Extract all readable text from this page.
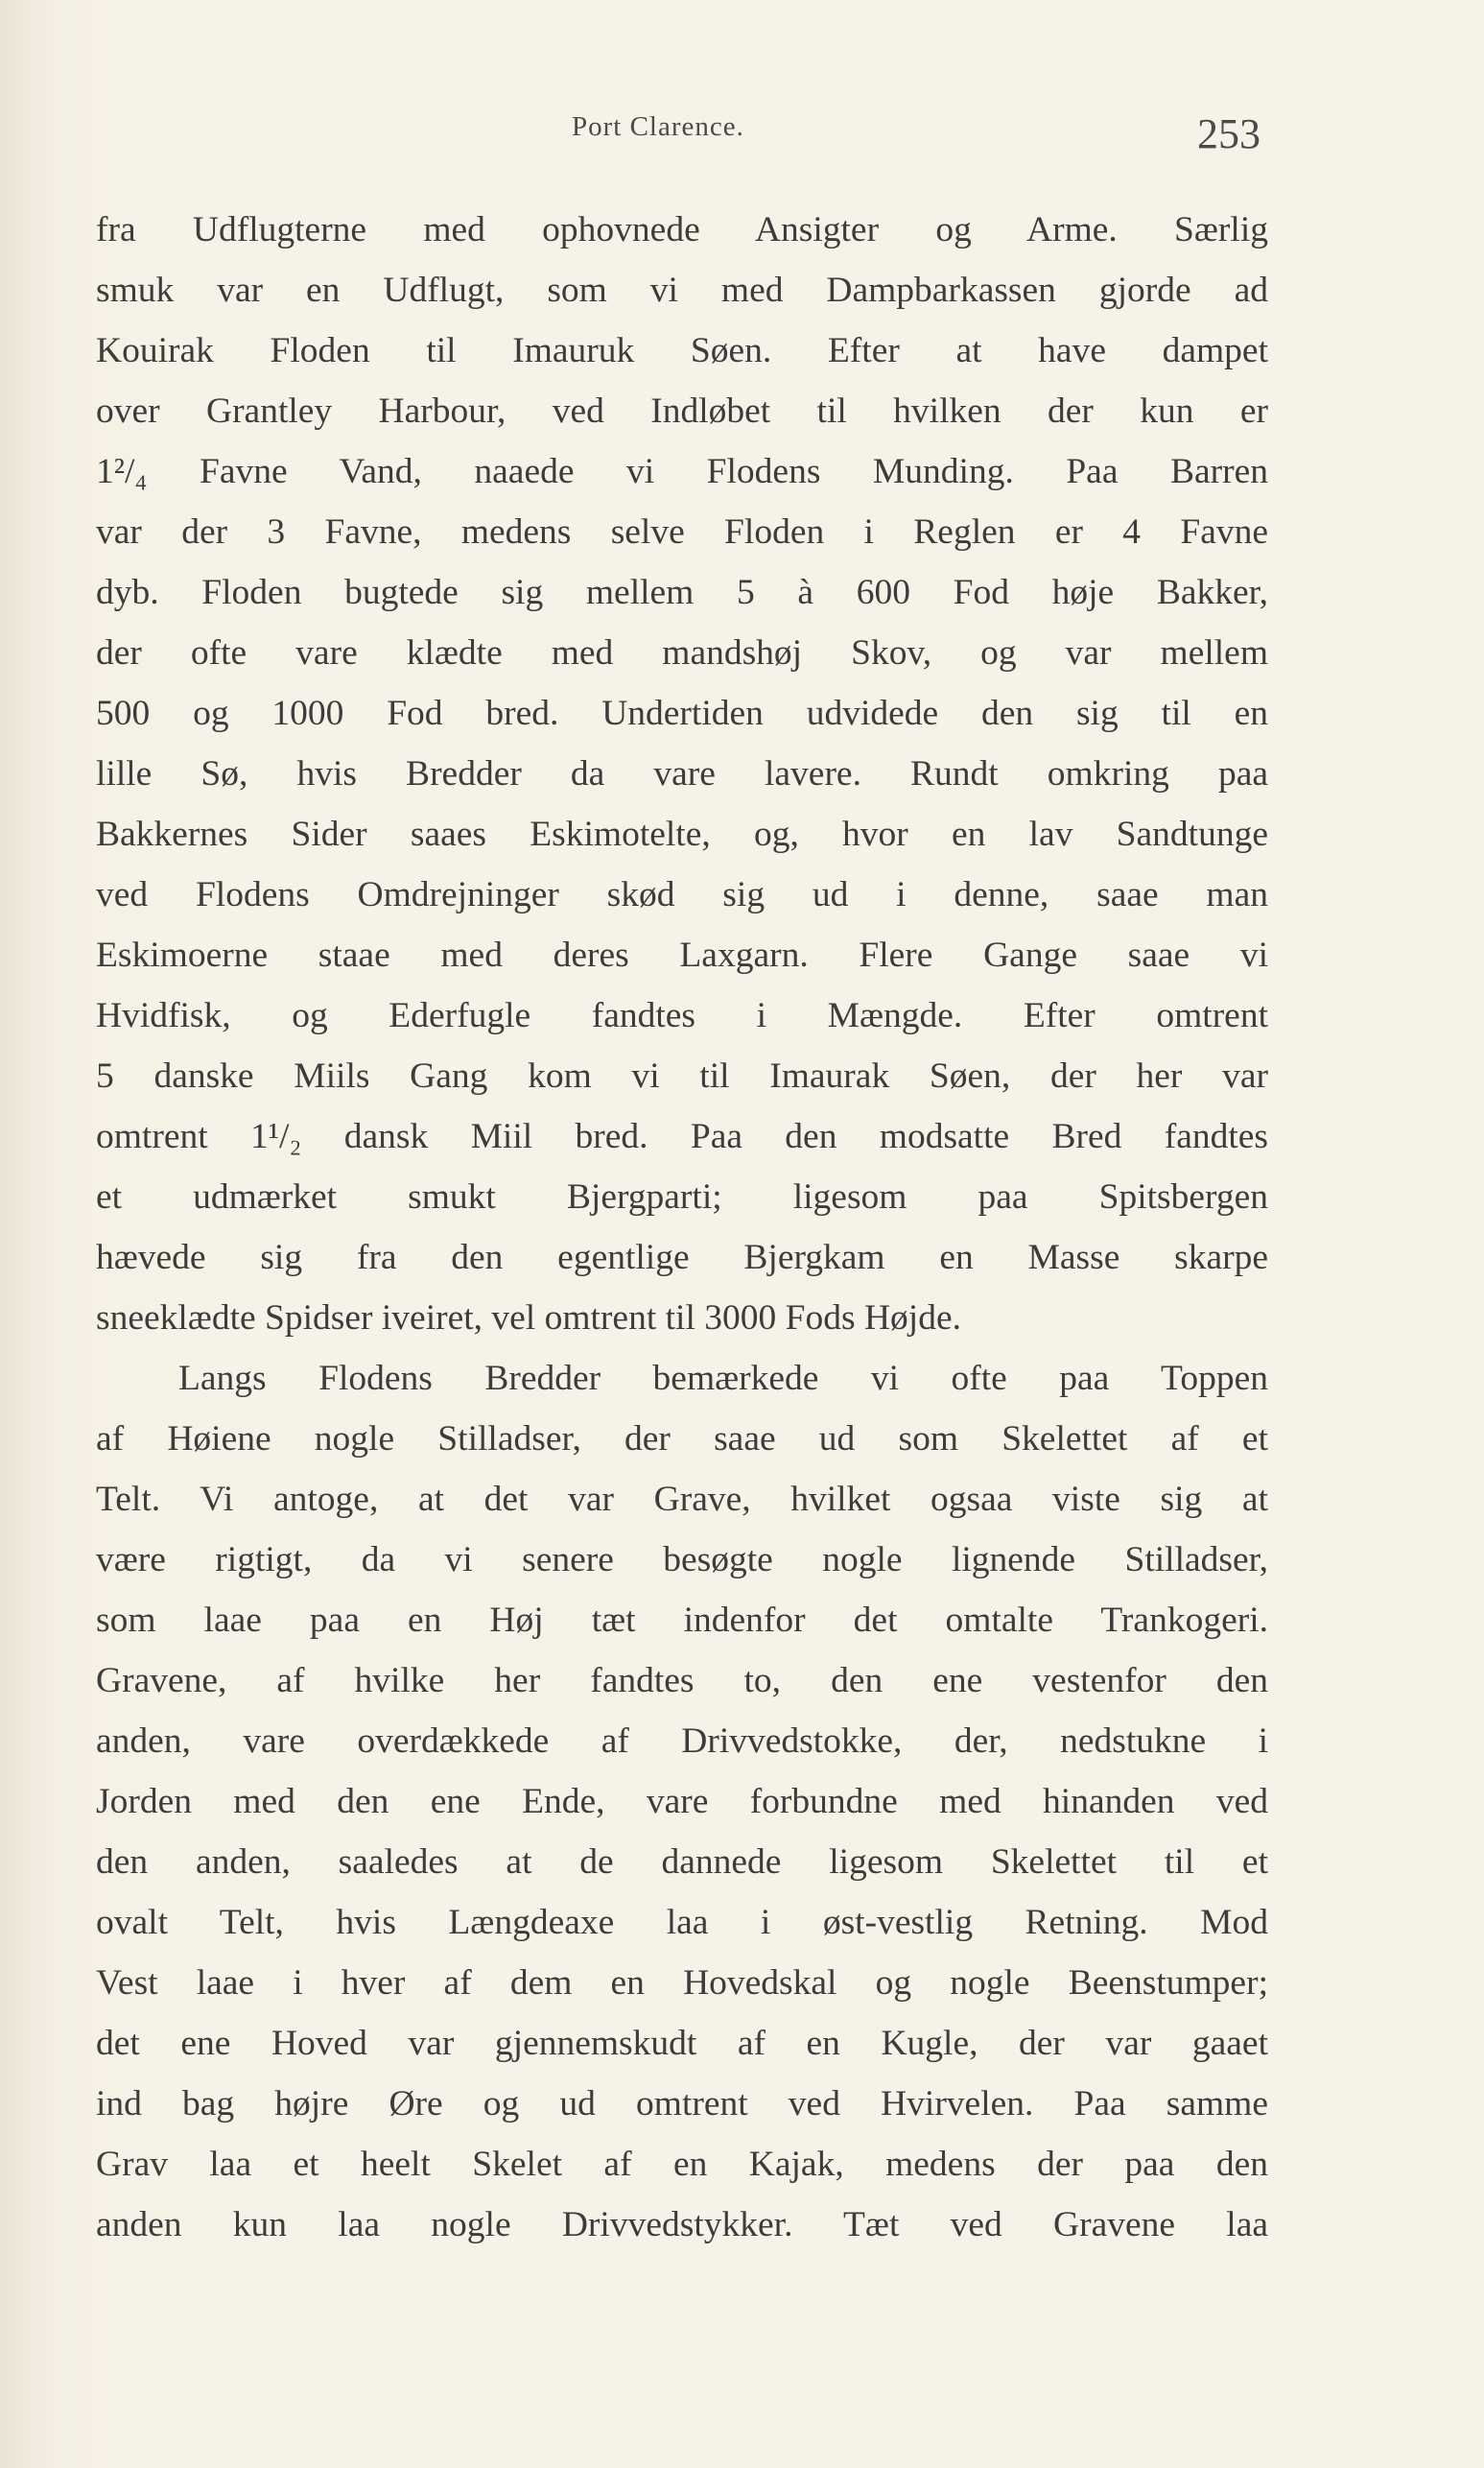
Port Clarence.	253
fra Udflugterne med ophovnede Ansigter og Arme. Særlig
smuk var en Udflugt, som vi med Dampbarkassen gjorde ad
Kouirak Floden til Imauruk Søen. Efter at have dampet
over Grantley Harbour, ved Indløbet til hvilken der kun er
1²/₄ Favne Vand, naaede vi Flodens Munding. Paa Barren
var der 3 Favne, medens selve Floden i Reglen er 4 Favne
dyb. Floden bugtede sig mellem 5 à 600 Fod høje Bakker,
der ofte vare klædte med mandshøj Skov, og var mellem
500 og 1000 Fod bred. Undertiden udvidede den sig til en
lille Sø, hvis Bredder da vare lavere. Rundt omkring paa
Bakkernes Sider saaes Eskimotelte, og, hvor en lav Sandtunge
ved Flodens Omdrejninger skød sig ud i denne, saae man
Eskimoerne staae med deres Laxgarn. Flere Gange saae vi
Hvidfisk, og Ederfugle fandtes i Mængde. Efter omtrent
5 danske Miils Gang kom vi til Imaurak Søen, der her var
omtrent 1¹/₂ dansk Miil bred. Paa den modsatte Bred fandtes
et udmærket smukt Bjergparti; ligesom paa Spitsbergen
hævede sig fra den egentlige Bjergkam en Masse skarpe
sneeklædte Spidser iveiret, vel omtrent til 3000 Fods Højde.
Langs Flodens Bredder bemærkede vi ofte paa Toppen
af Høiene nogle Stilladser, der saae ud som Skelettet af et
Telt. Vi antoge, at det var Grave, hvilket ogsaa viste sig at
være rigtigt, da vi senere besøgte nogle lignende Stilladser,
som laae paa en Høj tæt indenfor det omtalte Trankogeri.
Gravene, af hvilke her fandtes to, den ene vestenfor den
anden, vare overdækkede af Drivvedstokke, der, nedstukne i
Jorden med den ene Ende, vare forbundne med hinanden ved
den anden, saaledes at de dannede ligesom Skelettet til et
ovalt Telt, hvis Længdeaxe laa i øst-vestlig Retning. Mod
Vest laae i hver af dem en Hovedskal og nogle Beenstumper;
det ene Hoved var gjennemskudt af en Kugle, der var gaaet
ind bag højre Øre og ud omtrent ved Hvirvelen. Paa samme
Grav laa et heelt Skelet af en Kajak, medens der paa den
anden kun laa nogle Drivvedstykker. Tæt ved Gravene laa
